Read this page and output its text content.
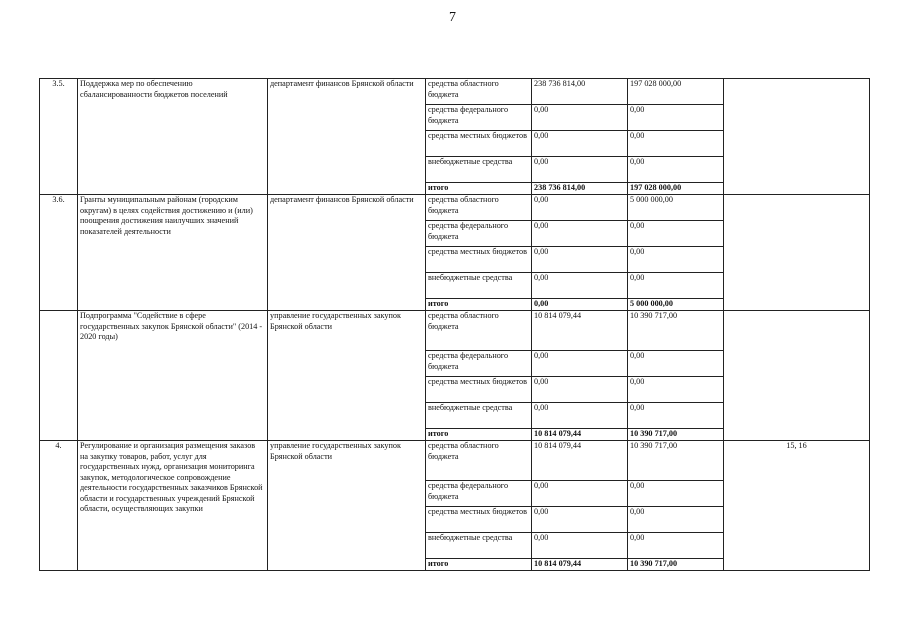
7
3.5.	Поддержка мер по обеспечению сбалансированности бюджетов поселений	департамент финансов Брянской области	средства областного бюджета	238 736 814,00	197 028 000,00	
			средства федерального бюджета	0,00	0,00	
			средства местных бюджетов	0,00	0,00	
			внебюджетные средства	0,00	0,00	
			итого	238 736 814,00	197 028 000,00	
3.6.	Гранты муниципальным районам (городским округам) в целях содействия достижению и (или) поощрения достижения наилучших значений показателей деятельности	департамент финансов Брянской области	средства областного бюджета	0,00	5 000 000,00	
			средства федерального бюджета	0,00	0,00	
			средства местных бюджетов	0,00	0,00	
			внебюджетные средства	0,00	0,00	
			итого	0,00	5 000 000,00	
	Подпрограмма "Содействие в сфере государственных закупок Брянской области" (2014 - 2020 годы)	управление государственных закупок Брянской области	средства областного бюджета	10 814 079,44	10 390 717,00	
			средства федерального бюджета	0,00	0,00	
			средства местных бюджетов	0,00	0,00	
			внебюджетные средства	0,00	0,00	
			итого	10 814 079,44	10 390 717,00	
4.	Регулирование и организация размещения заказов на закупку товаров, работ, услуг для государственных нужд, организация мониторинга закупок, методологическое сопровождение деятельности государственных заказчиков Брянской области и государственных учреждений Брянской области, осуществляющих закупки	управление государственных закупок Брянской области	средства областного бюджета	10 814 079,44	10 390 717,00	15, 16
			средства федерального бюджета	0,00	0,00	
			средства местных бюджетов	0,00	0,00	
			внебюджетные средства	0,00	0,00	
			итого	10 814 079,44	10 390 717,00	
